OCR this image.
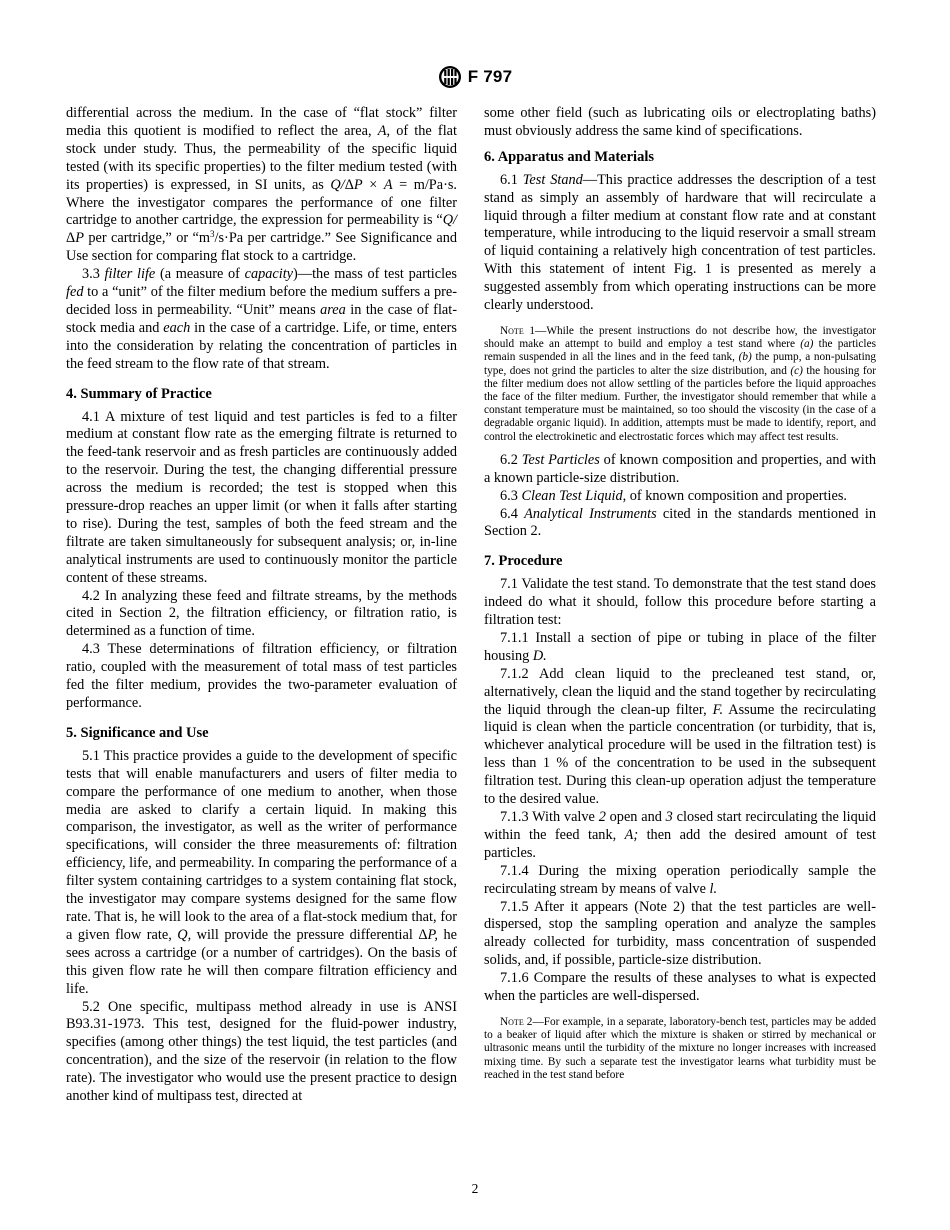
F 797

differential across the medium. In the case of “flat stock” filter media this quotient is modified to reflect the area, A, of the flat stock under study. Thus, the permeability of the specific liquid tested (with its specific properties) to the filter medium tested (with its properties) is expressed, in SI units, as Q/ΔP × A = m/Pa·s. Where the investigator compares the performance of one filter cartridge to another cartridge, the expression for permeability is “Q/ΔP per cartridge,” or “$m^3/s\cdot Pa$ per cartridge.” See Significance and Use section for comparing flat stock to a cartridge.

3.3 filter life (a measure of capacity)—the mass of test particles fed to a “unit” of the filter medium before the medium suffers a pre-decided loss in permeability. “Unit” means area in the case of flat-stock media and each in the case of a cartridge. Life, or time, enters into the consideration by relating the concentration of particles in the feed stream to the flow rate of that stream.

4. Summary of Practice

4.1 A mixture of test liquid and test particles is fed to a filter medium at constant flow rate as the emerging filtrate is returned to the feed-tank reservoir and as fresh particles are continuously added to the reservoir. During the test, the changing differential pressure across the medium is recorded; the test is stopped when this pressure-drop reaches an upper limit (or when it falls after starting to rise). During the test, samples of both the feed stream and the filtrate are taken simultaneously for subsequent analysis; or, in-line analytical instruments are used to continuously monitor the particle content of these streams.

4.2 In analyzing these feed and filtrate streams, by the methods cited in Section 2, the filtration efficiency, or filtration ratio, is determined as a function of time.

4.3 These determinations of filtration efficiency, or filtration ratio, coupled with the measurement of total mass of test particles fed the filter medium, provides the two-parameter evaluation of performance.

5. Significance and Use

5.1 This practice provides a guide to the development of specific tests that will enable manufacturers and users of filter media to compare the performance of one medium to another, when those media are asked to clarify a certain liquid. In making this comparison, the investigator, as well as the writer of performance specifications, will consider the three measurements of: filtration efficiency, life, and permeability. In comparing the performance of a filter system containing cartridges to a system containing flat stock, the investigator may compare systems designed for the same flow rate. That is, he will look to the area of a flat-stock medium that, for a given flow rate, Q, will provide the pressure differential ΔP, he sees across a cartridge (or a number of cartridges). On the basis of this given flow rate he will then compare filtration efficiency and life.

5.2 One specific, multipass method already in use is ANSI B93.31-1973. This test, designed for the fluid-power industry, specifies (among other things) the test liquid, the test particles (and concentration), and the size of the reservoir (in relation to the flow rate). The investigator who would use the present practice to design another kind of multipass test, directed at

some other field (such as lubricating oils or electroplating baths) must obviously address the same kind of specifications.

6. Apparatus and Materials

6.1 Test Stand—This practice addresses the description of a test stand as simply an assembly of hardware that will recirculate a liquid through a filter medium at constant flow rate and at constant temperature, while introducing to the liquid reservoir a small stream of liquid containing a relatively high concentration of test particles. With this statement of intent Fig. 1 is presented as merely a suggested assembly from which operating instructions can be more clearly understood.

Note 1—While the present instructions do not describe how, the investigator should make an attempt to build and employ a test stand where (a) the particles remain suspended in all the lines and in the feed tank, (b) the pump, a non-pulsating type, does not grind the particles to alter the size distribution, and (c) the housing for the filter medium does not allow settling of the particles before the liquid approaches the face of the filter medium. Further, the investigator should remember that while a constant temperature must be maintained, so too should the viscosity (in the case of a degradable organic liquid). In addition, attempts must be made to identify, report, and control the electrokinetic and electrostatic forces which may affect test results.

6.2 Test Particles of known composition and properties, and with a known particle-size distribution.

6.3 Clean Test Liquid, of known composition and properties.

6.4 Analytical Instruments cited in the standards mentioned in Section 2.

7. Procedure

7.1 Validate the test stand. To demonstrate that the test stand does indeed do what it should, follow this procedure before starting a filtration test:

7.1.1 Install a section of pipe or tubing in place of the filter housing D.

7.1.2 Add clean liquid to the precleaned test stand, or, alternatively, clean the liquid and the stand together by recirculating the liquid through the clean-up filter, F. Assume the recirculating liquid is clean when the particle concentration (or turbidity, that is, whichever analytical procedure will be used in the filtration test) is less than 1 % of the concentration to be used in the subsequent filtration test. During this clean-up operation adjust the temperature to the desired value.

7.1.3 With valve 2 open and 3 closed start recirculating the liquid within the feed tank, A; then add the desired amount of test particles.

7.1.4 During the mixing operation periodically sample the recirculating stream by means of valve l.

7.1.5 After it appears (Note 2) that the test particles are well-dispersed, stop the sampling operation and analyze the samples already collected for turbidity, mass concentration of suspended solids, and, if possible, particle-size distribution.

7.1.6 Compare the results of these analyses to what is expected when the particles are well-dispersed.

Note 2—For example, in a separate, laboratory-bench test, particles may be added to a beaker of liquid after which the mixture is shaken or stirred by mechanical or ultrasonic means until the turbidity of the mixture no longer increases with increased mixing time. By such a separate test the investigator learns what turbidity must be reached in the test stand before

2
